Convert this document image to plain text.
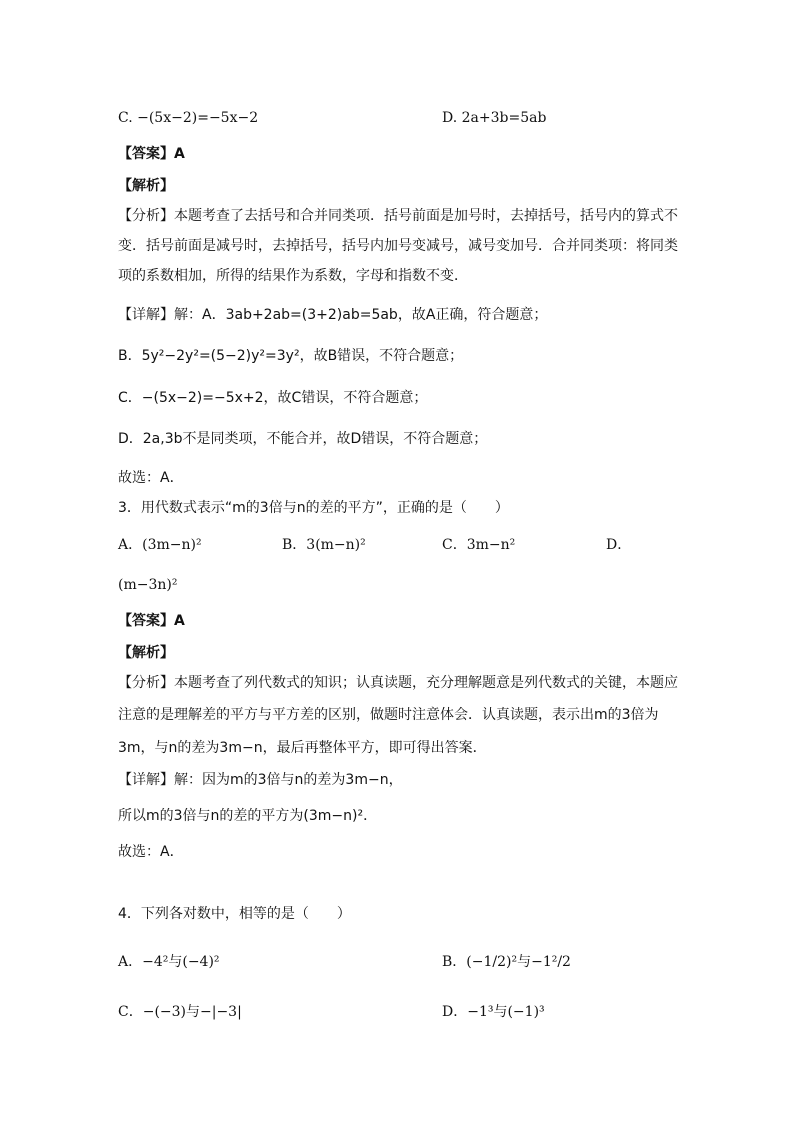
C. −(5x−2)=−5x−2	D. 2a+3b=5ab
【答案】A
【解析】
【分析】本题考查了去括号和合并同类项．括号前面是加号时，去掉括号，括号内的算式不
变．括号前面是减号时，去掉括号，括号内加号变减号，减号变加号．合并同类项：将同类
项的系数相加，所得的结果作为系数，字母和指数不变．
【详解】解：A．3ab+2ab=(3+2)ab=5ab，故A正确，符合题意；
B．5y²−2y²=(5−2)y²=3y²，故B错误，不符合题意；
C．−(5x−2)=−5x+2，故C错误，不符合题意；
D．2a,3b不是同类项，不能合并，故D错误，不符合题意；
故选：A．
3．用代数式表示“m的3倍与n的差的平方”，正确的是（　　）
A．(3m−n)²	B．3(m−n)²	C．3m−n²	D．
(m−3n)²
【答案】A
【解析】
【分析】本题考查了列代数式的知识；认真读题，充分理解题意是列代数式的关键，本题应
注意的是理解差的平方与平方差的区别，做题时注意体会．认真读题，表示出m的3倍为
3m，与n的差为3m−n，最后再整体平方，即可得出答案．
【详解】解：因为m的3倍与n的差为3m−n，
所以m的3倍与n的差的平方为(3m−n)²．
故选：A．
4．下列各对数中，相等的是（　　）
A．−4²与(−4)²	B．(−1/2)²与−1²/2
C．−(−3)与−|−3|	D．−1³与(−1)³
